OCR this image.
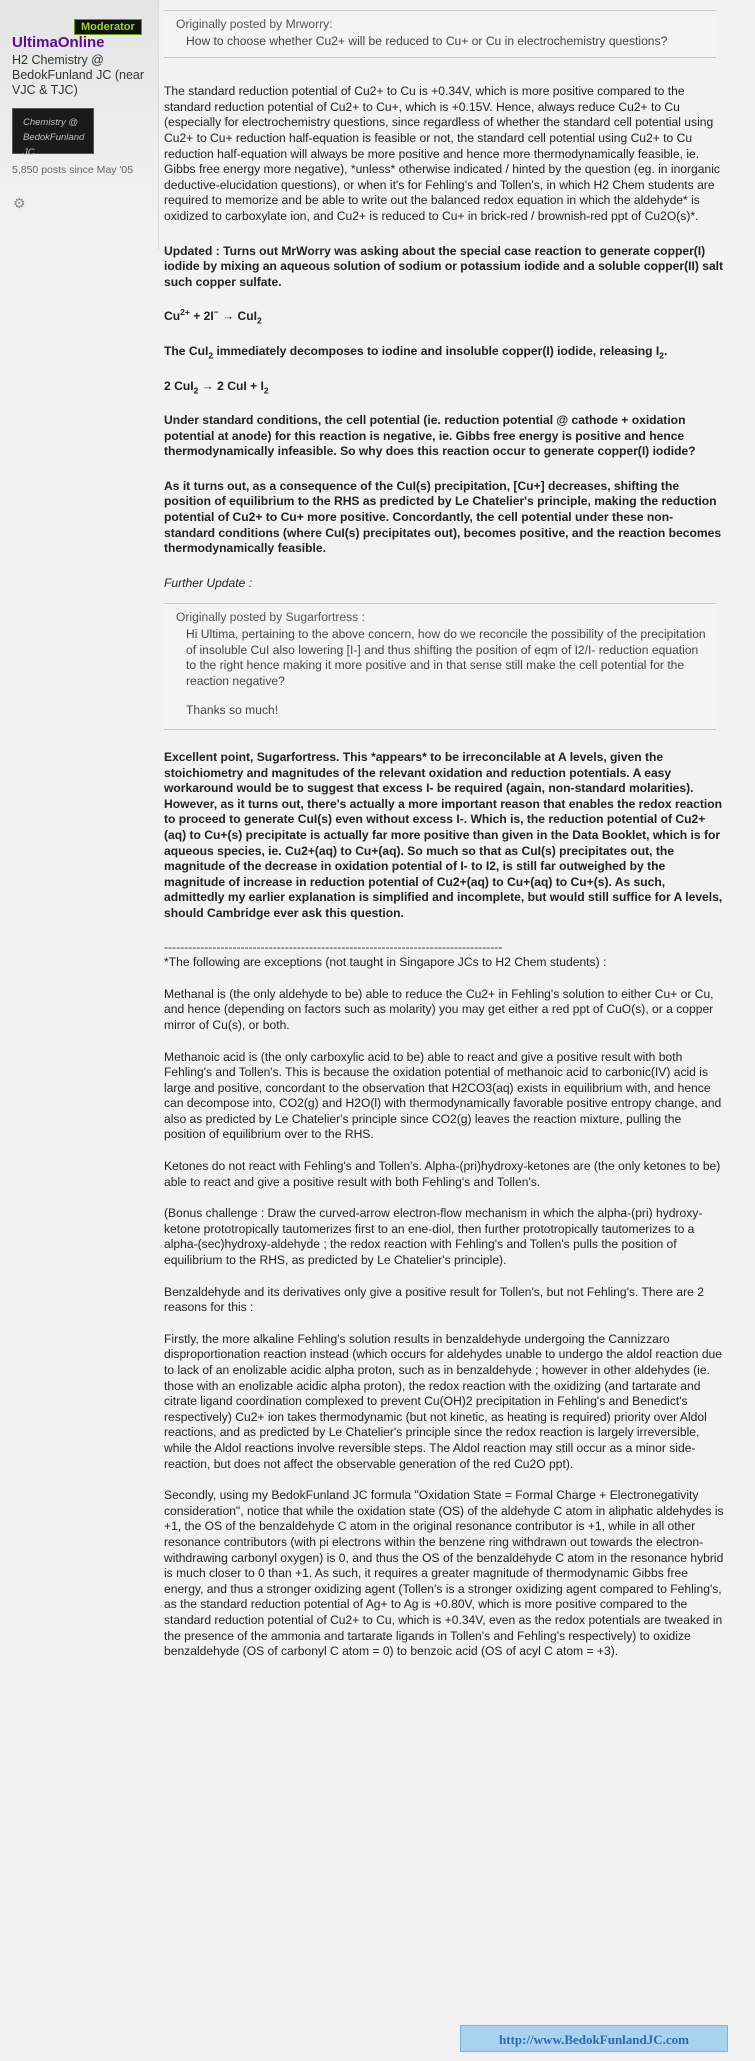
Moderator
UltimaOnline
H2 Chemistry @ BedokFunland JC (near VJC & TJC)
Chemistry @
BedokFunland JC
5,850 posts since May '05
⚙
Originally posted by Mrworry:
How to choose whether Cu2+ will be reduced to Cu+ or Cu in electrochemistry questions?

The standard reduction potential of Cu2+ to Cu is +0.34V, which is more positive compared to the standard reduction potential of Cu2+ to Cu+, which is +0.15V. Hence, always reduce Cu2+ to Cu (especially for electrochemistry questions, since regardless of whether the standard cell potential using Cu2+ to Cu+ reduction half-equation is feasible or not, the standard cell potential using Cu2+ to Cu reduction half-equation will always be more positive and hence more thermodynamically feasible, ie. Gibbs free energy more negative), *unless* otherwise indicated / hinted by the question (eg. in inorganic deductive-elucidation questions), or when it's for Fehling's and Tollen's, in which H2 Chem students are required to memorize and be able to write out the balanced redox equation in which the aldehyde* is oxidized to carboxylate ion, and Cu2+ is reduced to Cu+ in brick-red / brownish-red ppt of Cu2O(s)*.

Updated : Turns out MrWorry was asking about the special case reaction to generate copper(I) iodide by mixing an aqueous solution of sodium or potassium iodide and a soluble copper(II) salt such copper sulfate.

$Cu^{2+} + 2I^- \to CuI_2$

The CuI$_2$ immediately decomposes to iodine and insoluble copper(I) iodide, releasing $I_2$.

2 CuI$_2$ → 2 CuI + $I_2$

Under standard conditions, the cell potential (ie. reduction potential @ cathode + oxidation potential at anode) for this reaction is negative, ie. Gibbs free energy is positive and hence thermodynamically infeasible. So why does this reaction occur to generate copper(I) iodide?

As it turns out, as a consequence of the CuI(s) precipitation, [Cu+] decreases, shifting the position of equilibrium to the RHS as predicted by Le Chatelier's principle, making the reduction potential of Cu2+ to Cu+ more positive. Concordantly, the cell potential under these non-standard conditions (where CuI(s) precipitates out), becomes positive, and the reaction becomes thermodynamically feasible.

Further Update :

Originally posted by Sugarfortress :

Hi Ultima, pertaining to the above concern, how do we reconcile the possibility of the precipitation of insoluble CuI also lowering [I-] and thus shifting the position of eqm of I2/I- reduction equation to the right hence making it more positive and in that sense still make the cell potential for the reaction negative?

Thanks so much!

Excellent point, Sugarfortress. This *appears* to be irreconcilable at A levels, given the stoichiometry and magnitudes of the relevant oxidation and reduction potentials. A easy workaround would be to suggest that excess I- be required (again, non-standard molarities). However, as it turns out, there's actually a more important reason that enables the redox reaction to proceed to generate CuI(s) even without excess I-. Which is, the reduction potential of Cu2+(aq) to Cu+(s) precipitate is actually far more positive than given in the Data Booklet, which is for aqueous species, ie. Cu2+(aq) to Cu+(aq). So much so that as CuI(s) precipitates out, the magnitude of the decrease in oxidation potential of I- to I2, is still far outweighed by the magnitude of increase in reduction potential of Cu2+(aq) to Cu+(aq) to Cu+(s). As such, admittedly my earlier explanation is simplified and incomplete, but would still suffice for A levels, should Cambridge ever ask this question.

------------------------------------------------------------------------------------

*The following are exceptions (not taught in Singapore JCs to H2 Chem students) :

Methanal is (the only aldehyde to be) able to reduce the Cu2+ in Fehling's solution to either Cu+ or Cu, and hence (depending on factors such as molarity) you may get either a red ppt of CuO(s), or a copper mirror of Cu(s), or both.

Methanoic acid is (the only carboxylic acid to be) able to react and give a positive result with both Fehling's and Tollen's. This is because the oxidation potential of methanoic acid to carbonic(IV) acid is large and positive, concordant to the observation that H2CO3(aq) exists in equilibrium with, and hence can decompose into, CO2(g) and H2O(l) with thermodynamically favorable positive entropy change, and also as predicted by Le Chatelier's principle since CO2(g) leaves the reaction mixture, pulling the position of equilibrium over to the RHS.

Ketones do not react with Fehling's and Tollen's. Alpha-(pri)hydroxy-ketones are (the only ketones to be) able to react and give a positive result with both Fehling's and Tollen's.

(Bonus challenge : Draw the curved-arrow electron-flow mechanism in which the alpha-(pri) hydroxy-ketone prototropically tautomerizes first to an ene-diol, then further prototropically tautomerizes to a alpha-(sec)hydroxy-aldehyde ; the redox reaction with Fehling's and Tollen's pulls the position of equilibrium to the RHS, as predicted by Le Chatelier's principle).

Benzaldehyde and its derivatives only give a positive result for Tollen's, but not Fehling's. There are 2 reasons for this :

Firstly, the more alkaline Fehling's solution results in benzaldehyde undergoing the Cannizzaro disproportionation reaction instead (which occurs for aldehydes unable to undergo the aldol reaction due to lack of an enolizable acidic alpha proton, such as in benzaldehyde ; however in other aldehydes (ie. those with an enolizable acidic alpha proton), the redox reaction with the oxidizing (and tartarate and citrate ligand coordination complexed to prevent Cu(OH)2 precipitation in Fehling's and Benedict's respectively) Cu2+ ion takes thermodynamic (but not kinetic, as heating is required) priority over Aldol reactions, and as predicted by Le Chatelier's principle since the redox reaction is largely irreversible, while the Aldol reactions involve reversible steps. The Aldol reaction may still occur as a minor side-reaction, but does not affect the observable generation of the red Cu2O ppt).

Secondly, using my BedokFunland JC formula "Oxidation State = Formal Charge + Electronegativity consideration", notice that while the oxidation state (OS) of the aldehyde C atom in aliphatic aldehydes is +1, the OS of the benzaldehyde C atom in the original resonance contributor is +1, while in all other resonance contributors (with pi electrons within the benzene ring withdrawn out towards the electron-withdrawing carbonyl oxygen) is 0, and thus the OS of the benzaldehyde C atom in the resonance hybrid is much closer to 0 than +1. As such, it requires a greater magnitude of thermodynamic Gibbs free energy, and thus a stronger oxidizing agent (Tollen's is a stronger oxidizing agent compared to Fehling's, as the standard reduction potential of Ag+ to Ag is +0.80V, which is more positive compared to the standard reduction potential of Cu2+ to Cu, which is +0.34V, even as the redox potentials are tweaked in the presence of the ammonia and tartarate ligands in Tollen's and Fehling's respectively) to oxidize benzaldehyde (OS of carbonyl C atom = 0) to benzoic acid (OS of acyl C atom = +3).

http://www.BedokFunlandJC.com
